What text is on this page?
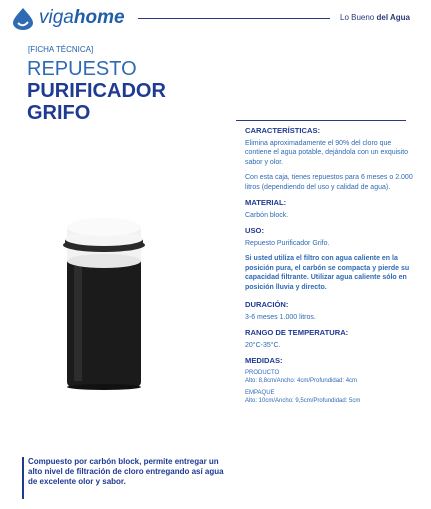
vigahome	Lo Bueno del Agua
[FICHA TÉCNICA]
REPUESTO
PURIFICADOR
GRIFO
CARACTERÍSTICAS:
Elimina aproximadamente el 90% del cloro que contiene el agua potable, dejándola con un exquisito sabor y olor.
Con esta caja, tienes repuestos para 6 meses o 2.000 litros (dependiendo del uso y calidad de agua).
MATERIAL:
Carbón block.
USO:
Repuesto Purificador Grifo.
Si usted utiliza el filtro con agua caliente en la posición pura, el carbón se compacta y pierde su capacidad filtrante. Utilizar agua caliente sólo en posición lluvia y directo.
DURACIÓN:
3-6 meses 1.000 litros.
RANGO DE TEMPERATURA:
20°C-35°C.
MEDIDAS:
PRODUCTO
Alto: 8,8cm/Ancho: 4cm/Profundidad: 4cm
EMPAQUE
Alto: 10cm/Ancho: 9,5cm/Profundidad: 5cm
Compuesto por carbón block, permite entregar un alto nivel de filtración de cloro entregando así agua de excelente olor y sabor.
